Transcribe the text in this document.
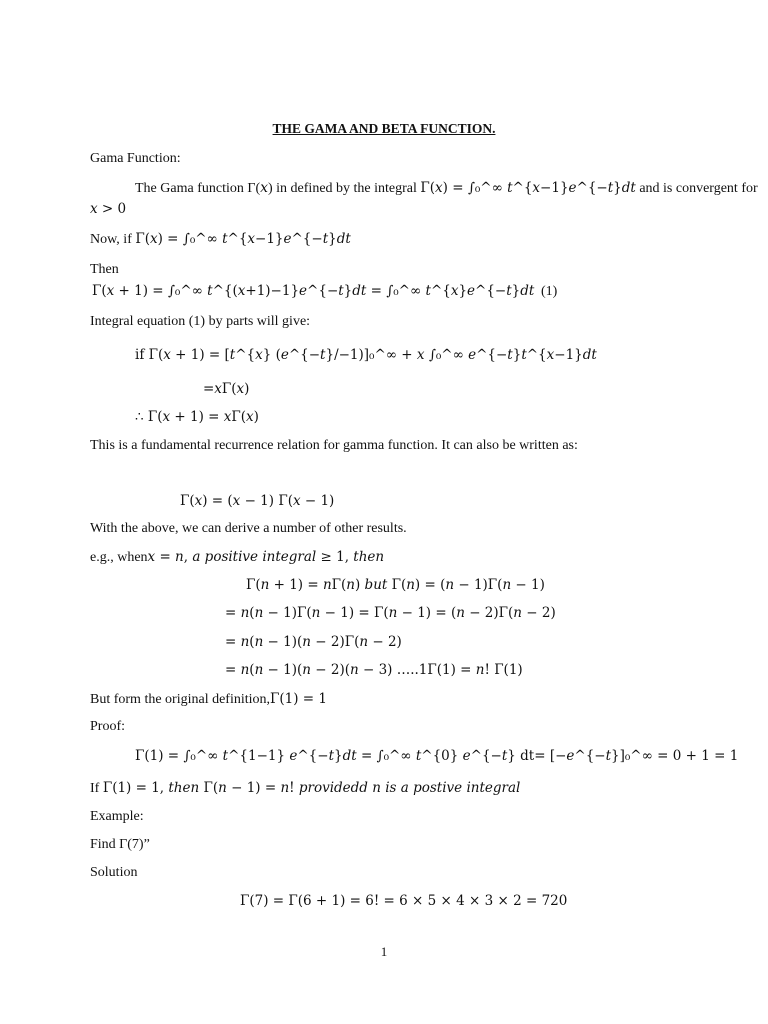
THE GAMA AND BETA FUNCTION.
Gama Function:
The Gama function Γ(𝑥) in defined by the integral Γ(𝑥) = ∫₀^∞ 𝑡^{𝑥−1}𝑒^{−𝑡}𝑑𝑡 and is convergent for
𝑥 > 0
Now, if Γ(𝑥) = ∫₀^∞ 𝑡^{𝑥−1}𝑒^{−𝑡}𝑑𝑡
Then
Γ(𝑥 + 1) = ∫₀^∞ 𝑡^{(𝑥+1)−1}𝑒^{−𝑡}𝑑𝑡 = ∫₀^∞ 𝑡^{𝑥}𝑒^{−𝑡}𝑑𝑡 (1)
Integral equation (1) by parts will give:
if Γ(𝑥 + 1) = [𝑡^{𝑥} (𝑒^{−𝑡}/−1)]₀^∞ + 𝑥 ∫₀^∞ 𝑒^{−𝑡}𝑡^{𝑥−1}𝑑𝑡
=𝑥Γ(𝑥)
∴ Γ(𝑥 + 1) = 𝑥Γ(𝑥)
This is a fundamental recurrence relation for gamma function. It can also be written as:
Γ(𝑥) = (𝑥 − 1) Γ(𝑥 − 1)
With the above, we can derive a number of other results.
e.g., when𝑥 = 𝑛, 𝑎 𝑝𝑜𝑠𝑖𝑡𝑖𝑣𝑒 𝑖𝑛𝑡𝑒𝑔𝑟𝑎𝑙 ≥ 1, 𝑡ℎ𝑒𝑛
Γ(𝑛 + 1) = 𝑛Γ(𝑛) 𝑏𝑢𝑡 Γ(𝑛) = (𝑛 − 1)Γ(𝑛 − 1)
= 𝑛(𝑛 − 1)Γ(𝑛 − 1) = Γ(𝑛 − 1) = (𝑛 − 2)Γ(𝑛 − 2)
= 𝑛(𝑛 − 1)(𝑛 − 2)Γ(𝑛 − 2)
= 𝑛(𝑛 − 1)(𝑛 − 2)(𝑛 − 3) …..1Γ(1) = 𝑛! Γ(1)
But form the original definition,Γ(1) = 1
Proof:
Γ(1) = ∫₀^∞ 𝑡^{1−1} 𝑒^{−𝑡}𝑑𝑡 = ∫₀^∞ 𝑡^{0} 𝑒^{−𝑡} dt= [−𝑒^{−𝑡}]₀^∞ = 0 + 1 = 1
If Γ(1) = 1, 𝑡ℎ𝑒𝑛 Γ(𝑛 − 1) = 𝑛! 𝑝𝑟𝑜𝑣𝑖𝑑𝑒𝑑𝑑 𝑛 𝑖𝑠 𝑎 𝑝𝑜𝑠𝑡𝑖𝑣𝑒 𝑖𝑛𝑡𝑒𝑔𝑟𝑎𝑙
Example:
Find Γ(7)”
Solution
Γ(7) = Γ(6 + 1) = 6! = 6 × 5 × 4 × 3 × 2 = 720
1
